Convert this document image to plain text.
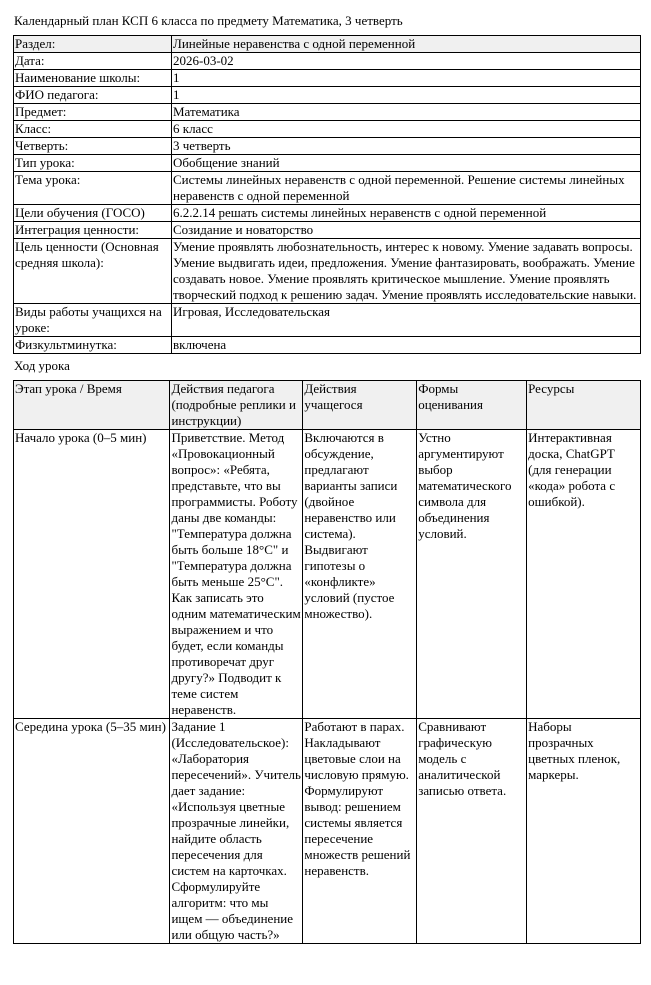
Календарный план КСП 6 класса по предмету Математика, 3 четверть
Раздел:	Линейные неравенства с одной переменной
Дата:	2026-03-02
Наименование школы:	1
ФИО педагога:	1
Предмет:	Математика
Класс:	6 класс
Четверть:	3 четверть
Тип урока:	Обобщение знаний
Тема урока:	Системы линейных неравенств с одной переменной. Решение системы линейных неравенств с одной переменной
Цели обучения (ГОСО)	6.2.2.14 решать системы линейных неравенств с одной переменной
Интеграция ценности:	Созидание и новаторство
Цель ценности (Основная средняя школа):	Умение проявлять любознательность, интерес к новому. Умение задавать вопросы. Умение выдвигать идеи, предложения. Умение фантазировать, воображать. Умение создавать новое. Умение проявлять критическое мышление. Умение проявлять творческий подход к решению задач. Умение проявлять исследовательские навыки.
Виды работы учащихся на уроке:	Игровая, Исследовательская
Физкультминутка:	включена
Ход урока
Этап урока / Время	Действия педагога (подробные реплики и инструкции)	Действия учащегося	Формы оценивания	Ресурсы
Начало урока (0–5 мин)	Приветствие. Метод «Провокационный вопрос»: «Ребята, представьте, что вы программисты. Роботу даны две команды: "Температура должна быть больше 18°C" и "Температура должна быть меньше 25°C". Как записать это одним математическим выражением и что будет, если команды противоречат друг другу?» Подводит к теме систем неравенств.	Включаются в обсуждение, предлагают варианты записи (двойное неравенство или система). Выдвигают гипотезы о «конфликте» условий (пустое множество).	Устно аргументируют выбор математического символа для объединения условий.	Интерактивная доска, ChatGPT (для генерации «кода» робота с ошибкой).
Середина урока (5–35 мин)	Задание 1 (Исследовательское): «Лаборатория пересечений». Учитель дает задание: «Используя цветные прозрачные линейки, найдите область пересечения для систем на карточках. Сформулируйте алгоритм: что мы ищем — объединение или общую часть?»	Работают в парах. Накладывают цветовые слои на числовую прямую. Формулируют вывод: решением системы является пересечение множеств решений неравенств.	Сравнивают графическую модель с аналитической записью ответа.	Наборы прозрачных цветных пленок, маркеры.
